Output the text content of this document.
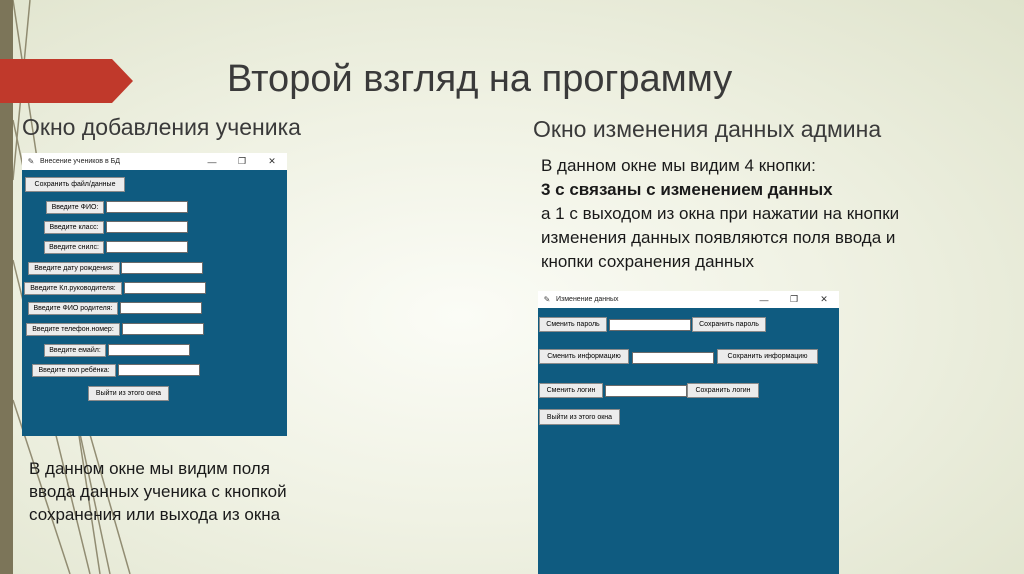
Второй взгляд на программу
Окно добавления ученика	Окно изменения данных админа
В данном окне мы видим 4 кнопки:
3 с связаны с изменением данных
а 1 с выходом из окна при нажатии на кнопки изменения данных появляются поля ввода и кнопки сохранения данных
В данном окне мы видим поля ввода данных ученика с кнопкой сохранения или выхода из окна
✎ Внесение учеников в БД	—	❐	✕
Сохранить файл/данные
Введите ФИО:
Введите класс:
Введите снилс:
Введите дату рождения:
Введите Кл.руководителя:
Введите ФИО родителя:
Введите телефон.номер:
Введите емайл:
Введите пол ребёнка:
Выйти из этого окна
✎ Изменение данных	—	❐	✕
Сменить пароль	Сохранить пароль
Сменить информацию	Сохранить информацию
Сменить логин	Сохранить логин
Выйти из этого окна
